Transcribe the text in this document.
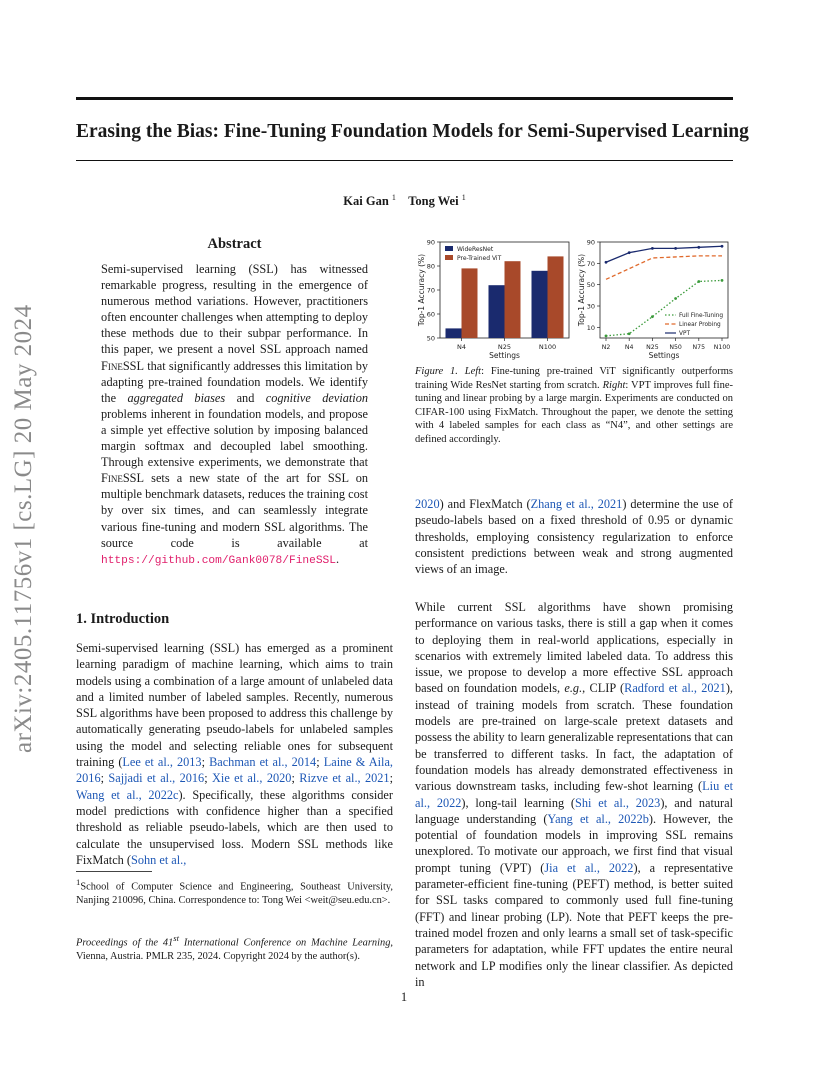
Erasing the Bias: Fine-Tuning Foundation Models for Semi-Supervised Learning
Kai Gan $^1$ Tong Wei $^1$
arXiv:2405.11756v1 [cs.LG] 20 May 2024
Abstract
Semi-supervised learning (SSL) has witnessed remarkable progress, resulting in the emergence of numerous method variations. However, practitioners often encounter challenges when attempting to deploy these methods due to their subpar performance. In this paper, we present a novel SSL approach named FineSSL that significantly addresses this limitation by adapting pre-trained foundation models. We identify the aggregated biases and cognitive deviation problems inherent in foundation models, and propose a simple yet effective solution by imposing balanced margin softmax and decoupled label smoothing. Through extensive experiments, we demonstrate that FineSSL sets a new state of the art for SSL on multiple benchmark datasets, reduces the training cost by over six times, and can seamlessly integrate various fine-tuning and modern SSL algorithms. The source code is available at https://github.com/Gank0078/FineSSL.
1. Introduction
Semi-supervised learning (SSL) has emerged as a prominent learning paradigm of machine learning, which aims to train models using a combination of a large amount of unlabeled data and a limited number of labeled samples. Recently, numerous SSL algorithms have been proposed to address this challenge by automatically generating pseudo-labels for unlabeled samples using the model and selecting reliable ones for subsequent training (Lee et al., 2013; Bachman et al., 2014; Laine & Aila, 2016; Sajjadi et al., 2016; Xie et al., 2020; Rizve et al., 2021; Wang et al., 2022c). Specifically, these algorithms consider model predictions with confidence higher than a specified threshold as reliable pseudo-labels, which are then used to calculate the unsupervised loss. Modern SSL methods like FixMatch (Sohn et al.,
$^1$School of Computer Science and Engineering, Southeast University, Nanjing 210096, China. Correspondence to: Tong Wei <weit@seu.edu.cn>.
Proceedings of the 41st International Conference on Machine Learning, Vienna, Austria. PMLR 235, 2024. Copyright 2024 by the author(s).
50
60
70
80
90
N4	N25	N100
Settings
Top-1 Accuracy (%)
WideResNet
Pre-Trained ViT
10
30
50
70
90
N2 N4 N25 N50 N75 N100
Settings
Top-1 Accuracy (%)	Full Fine-Tuning
Linear Probing
VPT
Figure 1. Left: Fine-tuning pre-trained ViT significantly outperforms training Wide ResNet starting from scratch. Right: VPT improves full fine-tuning and linear probing by a large margin. Experiments are conducted on CIFAR-100 using FixMatch. Throughout the paper, we denote the setting with 4 labeled samples for each class as “N4”, and other settings are defined accordingly.
2020) and FlexMatch (Zhang et al., 2021) determine the use of pseudo-labels based on a fixed threshold of 0.95 or dynamic thresholds, employing consistency regularization to enforce consistent predictions between weak and strong augmented views of an image.
While current SSL algorithms have shown promising performance on various tasks, there is still a gap when it comes to deploying them in real-world applications, especially in scenarios with extremely limited labeled data. To address this issue, we propose to develop a more effective SSL approach based on foundation models, e.g., CLIP (Radford et al., 2021), instead of training models from scratch. These foundation models are pre-trained on large-scale pretext datasets and possess the ability to learn generalizable representations that can be transferred to different tasks. In fact, the adaptation of foundation models has already demonstrated effectiveness in various downstream tasks, including few-shot learning (Liu et al., 2022), long-tail learning (Shi et al., 2023), and natural language understanding (Yang et al., 2022b). However, the potential of foundation models in improving SSL remains unexplored. To motivate our approach, we first find that visual prompt tuning (VPT) (Jia et al., 2022), a representative parameter-efficient fine-tuning (PEFT) method, is better suited for SSL tasks compared to commonly used full fine-tuning (FFT) and linear probing (LP). Note that PEFT keeps the pre-trained model frozen and only learns a small set of task-specific parameters for adaptation, while FFT updates the entire neural network and LP modifies only the linear classifier. As depicted in
1
